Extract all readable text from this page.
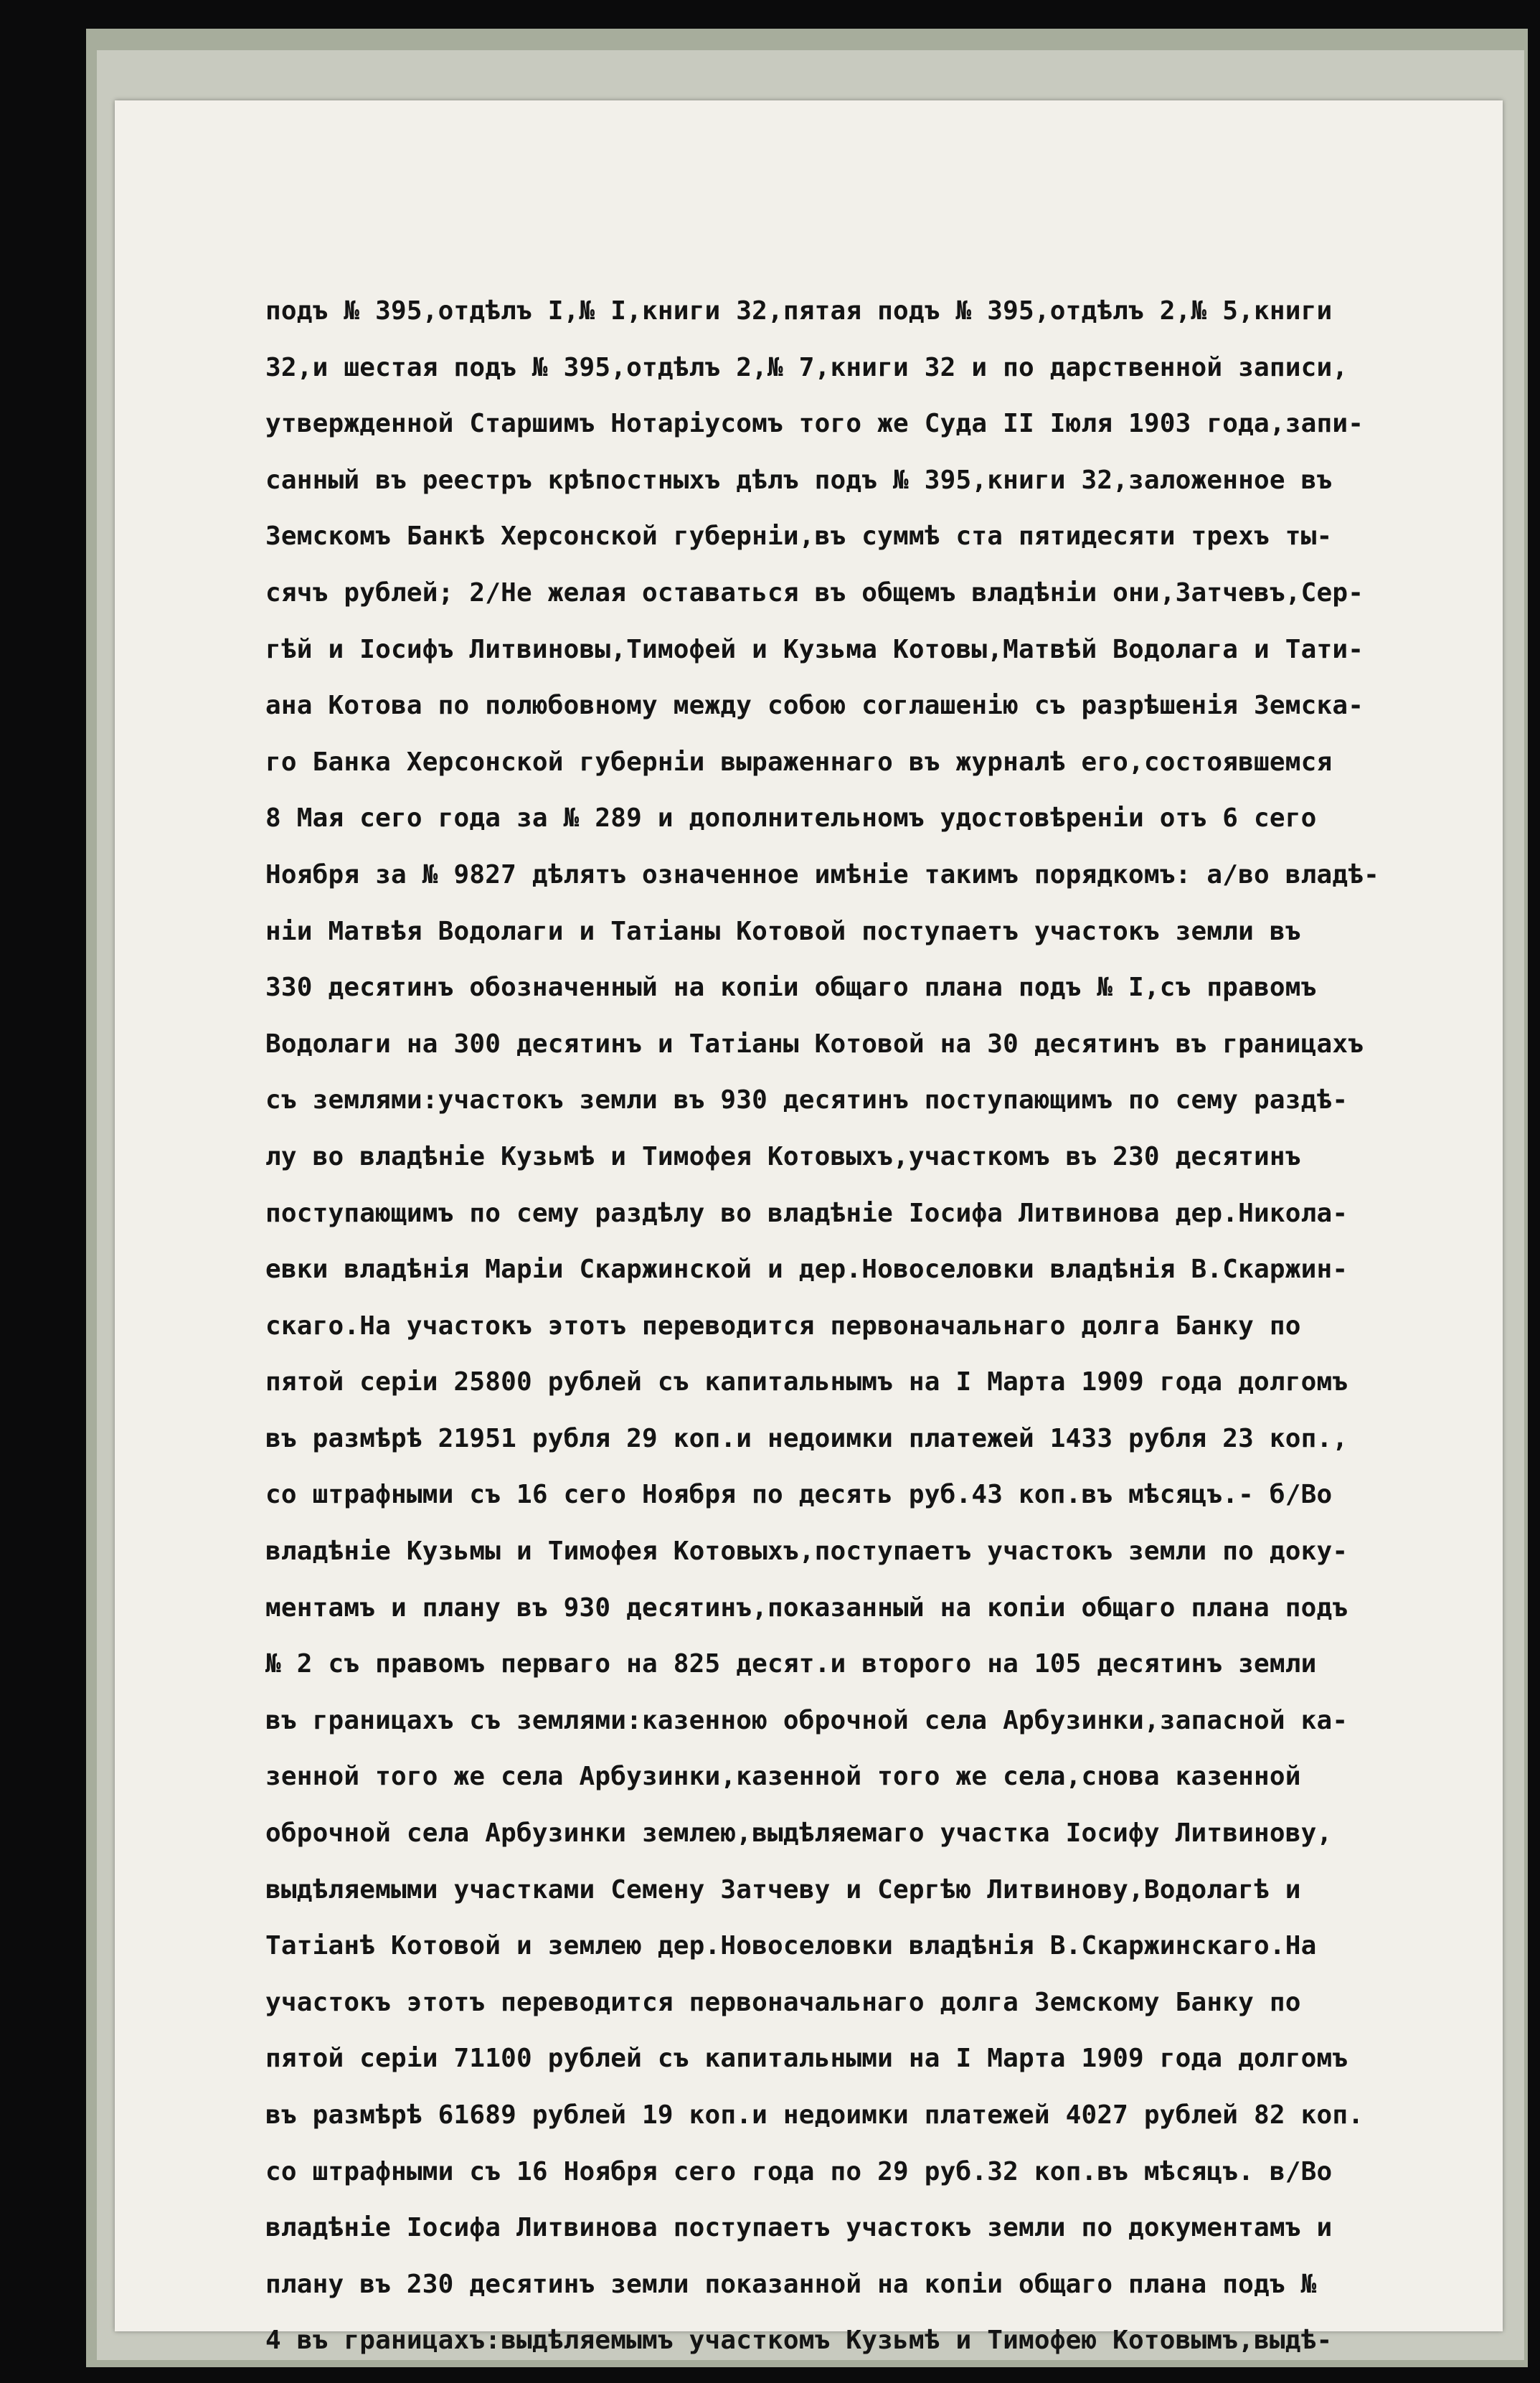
подъ № 395,отдѣлъ I,№ I,книги 32,пятая подъ № 395,отдѣлъ 2,№ 5,книги
32,и шестая подъ № 395,отдѣлъ 2,№ 7,книги 32 и по дарственной записи,
утвержденной Старшимъ Нотаріусомъ того же Суда II Іюля 1903 года,запи-
санный въ реестръ крѣпостныхъ дѣлъ подъ № 395,книги 32,заложенное въ
Земскомъ Банкѣ Херсонской губерніи,въ суммѣ ста пятидесяти трехъ ты-
сячъ рублей; 2/Не желая оставаться въ общемъ владѣніи они,Затчевъ,Сер-
гѣй и Іосифъ Литвиновы,Тимофей и Кузьма Котовы,Матвѣй Водолага и Тати-
ана Котова по полюбовному между собою соглашенію съ разрѣшенія Земска-
го Банка Херсонской губерніи выраженнаго въ журналѣ его,состоявшемся
8 Мая сего года за № 289 и дополнительномъ удостовѣреніи отъ 6 сего
Ноября за № 9827 дѣлятъ означенное имѣніе такимъ порядкомъ: а/во владѣ-
ніи Матвѣя Водолаги и Татіаны Котовой поступаетъ участокъ земли въ
330 десятинъ обозначенный на копіи общаго плана подъ № I,съ правомъ
Водолаги на 300 десятинъ и Татіаны Котовой на 30 десятинъ въ границахъ
съ землями:участокъ земли въ 930 десятинъ поступающимъ по сему раздѣ-
лу во владѣніе Кузьмѣ и Тимофея Котовыхъ,участкомъ въ 230 десятинъ
поступающимъ по сему раздѣлу во владѣніе Іосифа Литвинова дер.Никола-
евки владѣнія Маріи Скаржинской и дер.Новоселовки владѣнія В.Скаржин-
скаго.На участокъ этотъ переводится первоначальнаго долга Банку по
пятой серіи 25800 рублей съ капитальнымъ на I Марта 1909 года долгомъ
въ размѣрѣ 21951 рубля 29 коп.и недоимки платежей 1433 рубля 23 коп.,
со штрафными съ 16 сего Ноября по десять руб.43 коп.въ мѣсяцъ.- б/Во
владѣніе Кузьмы и Тимофея Котовыхъ,поступаетъ участокъ земли по доку-
ментамъ и плану въ 930 десятинъ,показанный на копіи общаго плана подъ
№ 2 съ правомъ перваго на 825 десят.и второго на 105 десятинъ земли
въ границахъ съ землями:казенною оброчной села Арбузинки,запасной ка-
зенной того же села Арбузинки,казенной того же села,снова казенной
оброчной села Арбузинки землею,выдѣляемаго участка Іосифу Литвинову,
выдѣляемыми участками Семену Затчеву и Сергѣю Литвинову,Водолагѣ и
Татіанѣ Котовой и землею дер.Новоселовки владѣнія В.Скаржинскаго.На
участокъ этотъ переводится первоначальнаго долга Земскому Банку по
пятой серіи 71100 рублей съ капитальными на I Марта 1909 года долгомъ
въ размѣрѣ 61689 рублей 19 коп.и недоимки платежей 4027 рублей 82 коп.
со штрафными съ 16 Ноября сего года по 29 руб.32 коп.въ мѣсяцъ. в/Во
владѣніе Іосифа Литвинова поступаетъ участокъ земли по документамъ и
плану въ 230 десятинъ земли показанной на копіи общаго плана подъ №
4 въ границахъ:выдѣляемымъ участкомъ Кузьмѣ и Тимофею Котовымъ,выдѣ-
